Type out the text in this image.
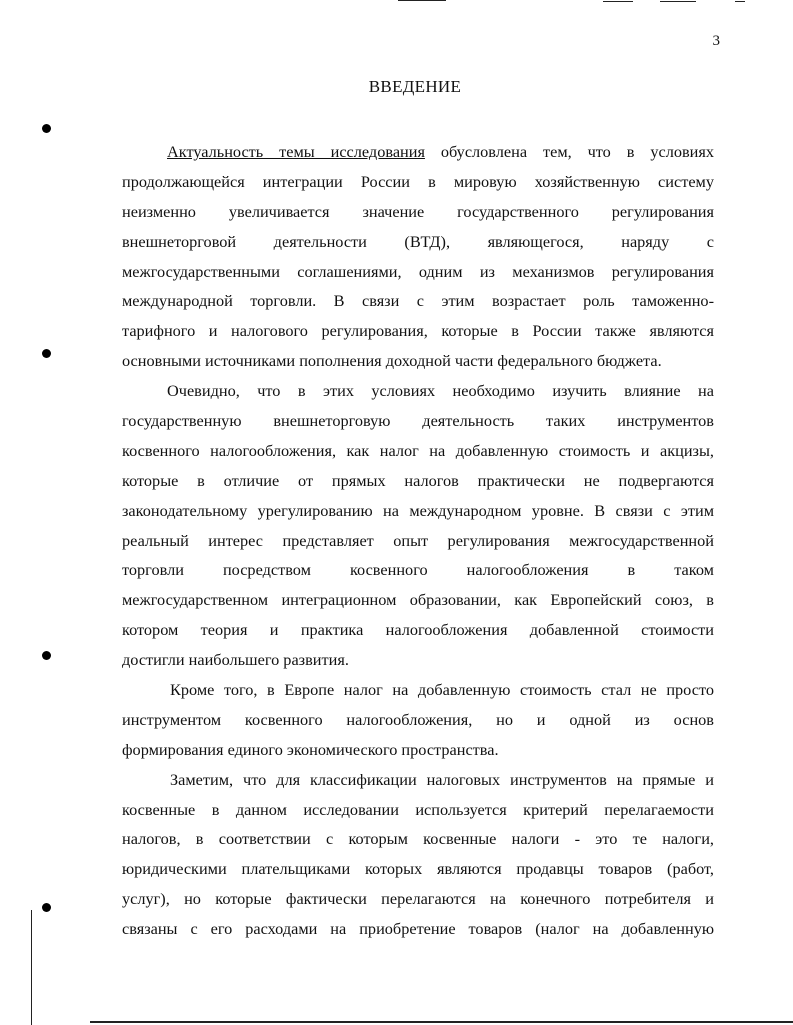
3
ВВЕДЕНИЕ

Актуальность темы исследования обусловлена тем, что в условиях
продолжающейся интеграции России в мировую хозяйственную систему
неизменно увеличивается значение государственного регулирования
внешнеторговой деятельности (ВТД), являющегося, наряду с
межгосударственными соглашениями, одним из механизмов регулирования
международной торговли. В связи с этим возрастает роль таможенно-
тарифного и налогового регулирования, которые в России также являются
основными источниками пополнения доходной части федерального бюджета.

Очевидно, что в этих условиях необходимо изучить влияние на
государственную внешнеторговую деятельность таких инструментов
косвенного налогообложения, как налог на добавленную стоимость и акцизы,
которые в отличие от прямых налогов практически не подвергаются
законодательному урегулированию на международном уровне. В связи с этим
реальный интерес представляет опыт регулирования межгосударственной
торговли посредством косвенного налогообложения в таком
межгосударственном интеграционном образовании, как Европейский союз, в
котором теория и практика налогообложения добавленной стоимости
достигли наибольшего развития.

Кроме того, в Европе налог на добавленную стоимость стал не просто
инструментом косвенного налогообложения, но и одной из основ
формирования единого экономического пространства.

Заметим, что для классификации налоговых инструментов на прямые и
косвенные в данном исследовании используется критерий перелагаемости
налогов, в соответствии с которым косвенные налоги - это те налоги,
юридическими плательщиками которых являются продавцы товаров (работ,
услуг), но которые фактически перелагаются на конечного потребителя и
связаны с его расходами на приобретение товаров (налог на добавленную
